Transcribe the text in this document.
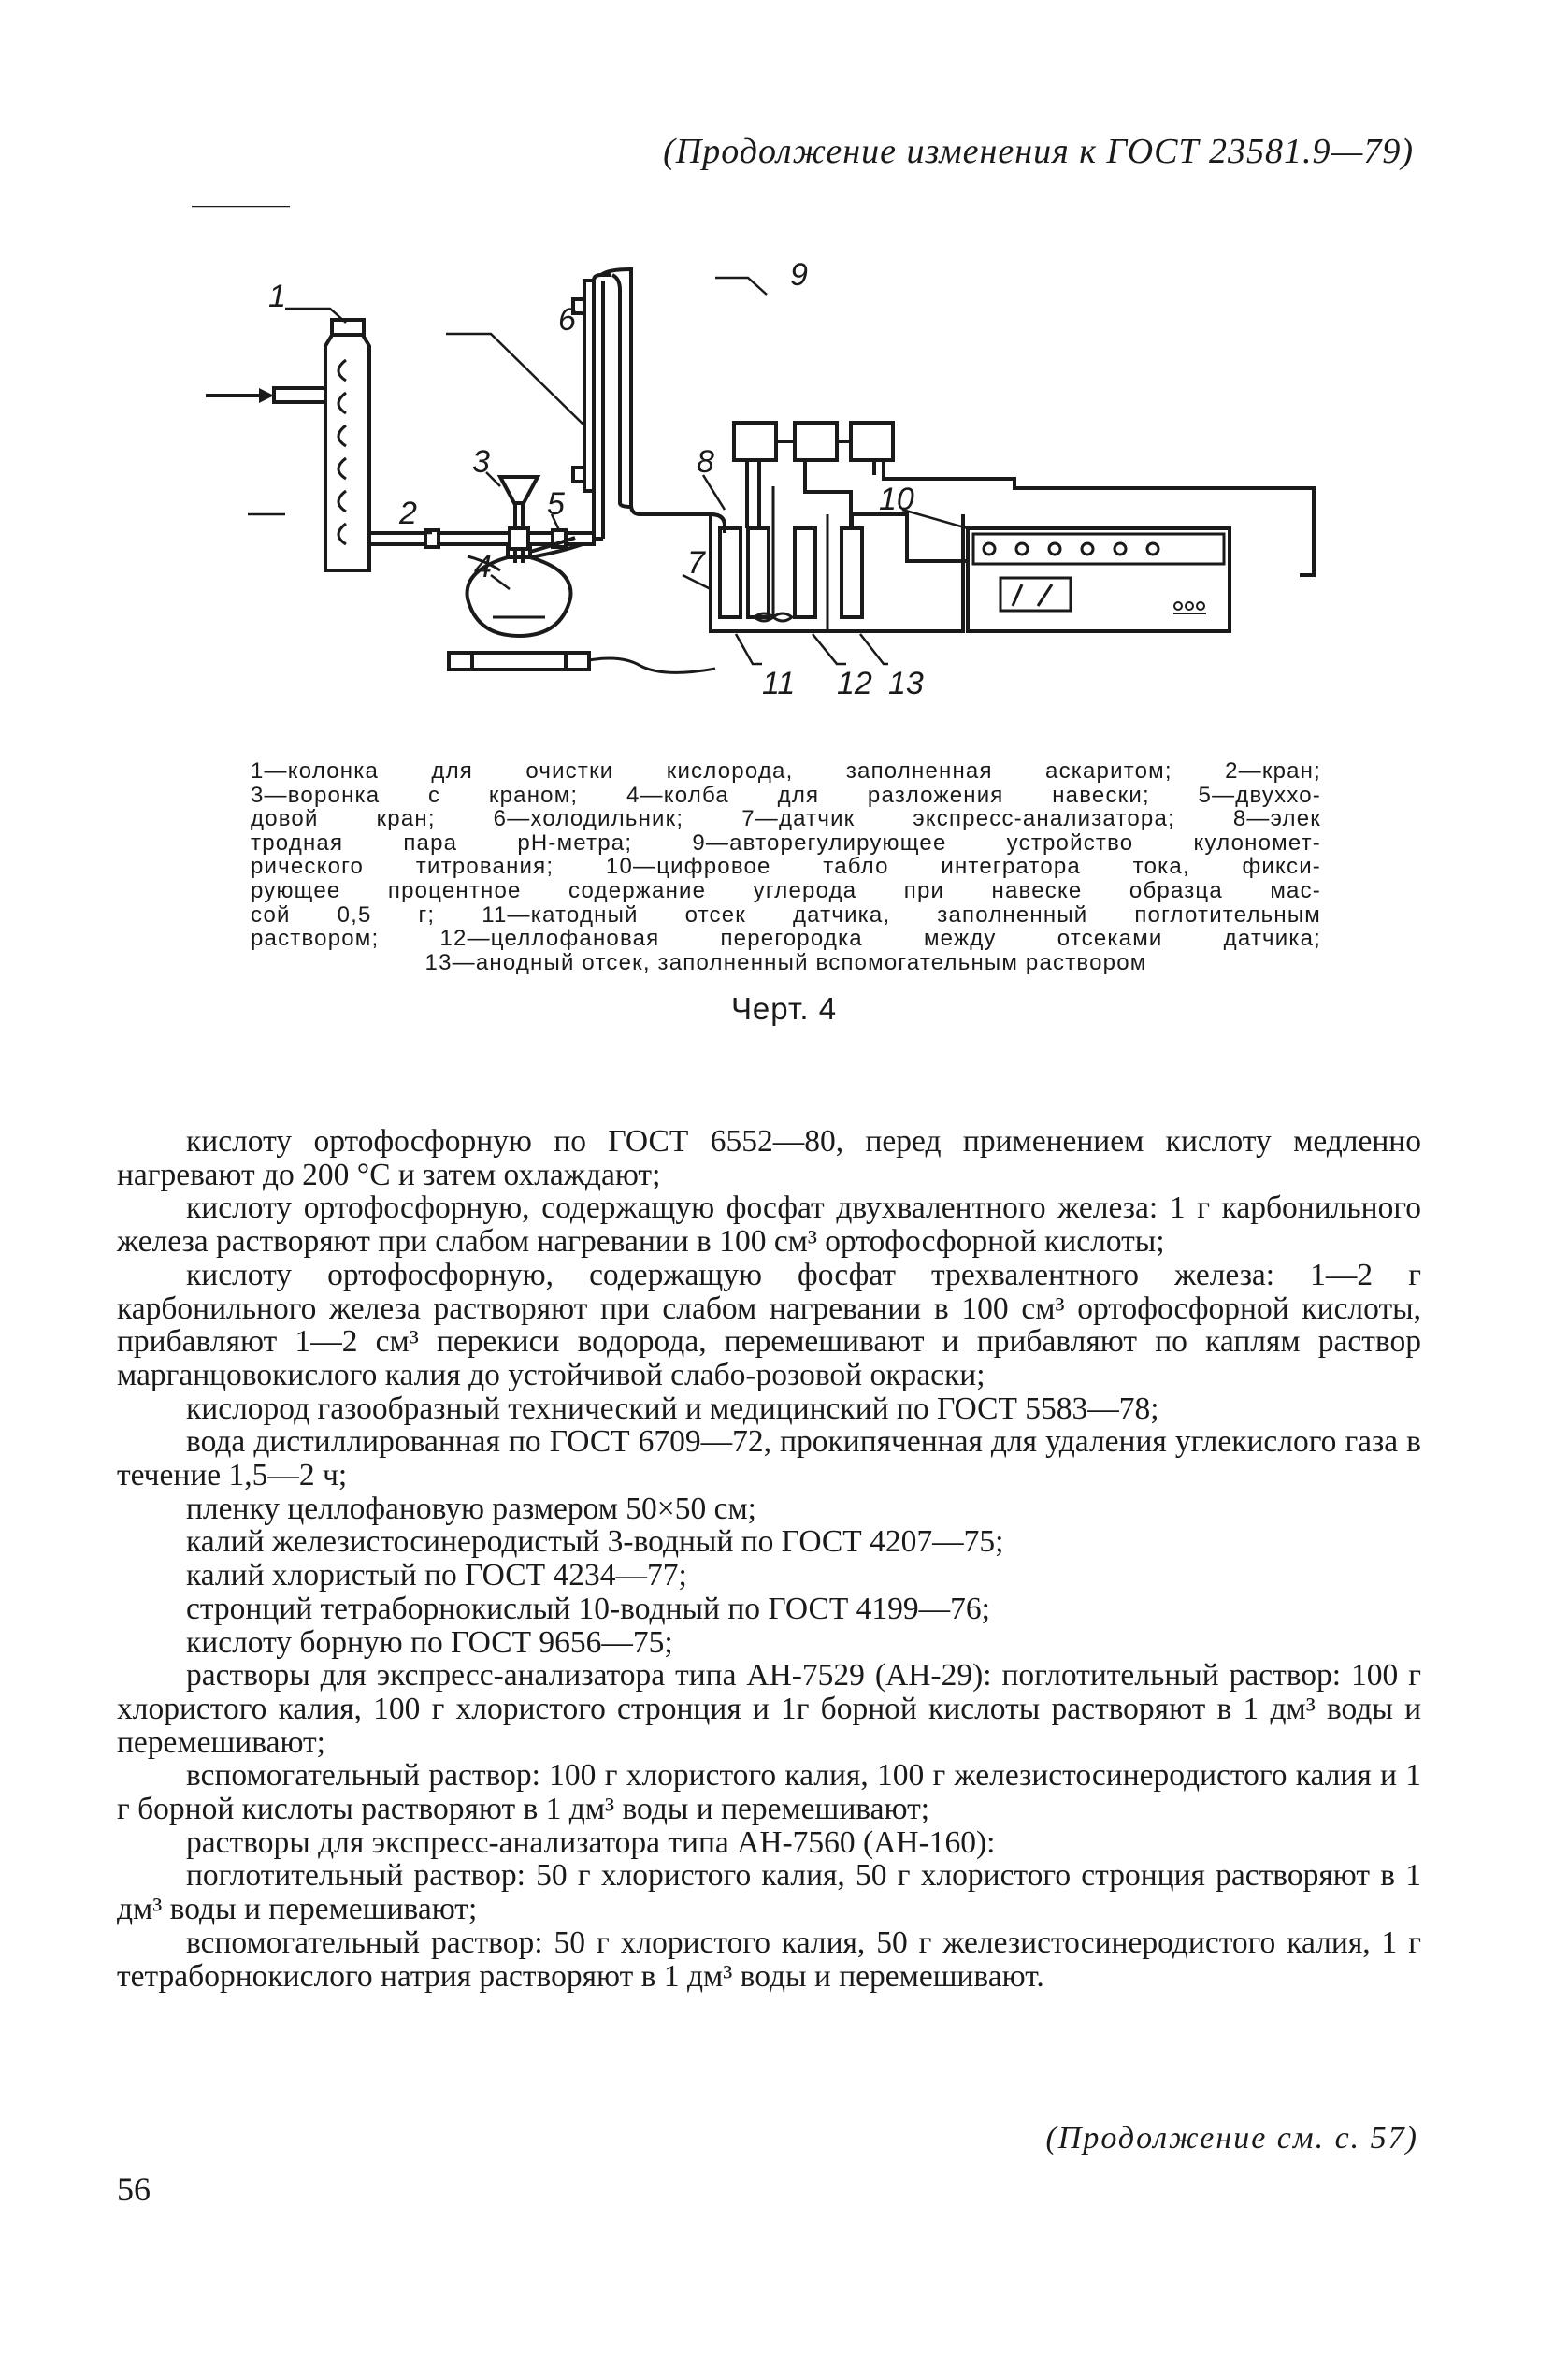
(Продолжение изменения к ГОСТ 23581.9—79)
1
2
3
4
5
6
7
8
9
10
11 12 13
1—колонка для очистки кислорода, заполненная аскаритом; 2—кран;
3—воронка с краном; 4—колба для разложения навески; 5—двуххо-
довой кран; 6—холодильник; 7—датчик экспресс-анализатора; 8—элек
тродная пара pH-метра; 9—авторегулирующее устройство кулономет-
рического титрования; 10—цифровое табло интегратора тока, фикси-
рующее процентное содержание углерода при навеске образца мас-
сой 0,5 г; 11—катодный отсек датчика, заполненный поглотительным
раствором; 12—целлофановая перегородка между отсеками датчика;
13—анодный отсек, заполненный вспомогательным раствором
Черт. 4
кислоту ортофосфорную по ГОСТ 6552—80, перед применением кислоту медленно нагревают до 200 °С и затем охлаждают;
кислоту ортофосфорную, содержащую фосфат двухвалентного железа: 1 г карбонильного железа растворяют при слабом нагревании в 100 см³ ортофосфорной кислоты;
кислоту ортофосфорную, содержащую фосфат трехвалентного железа: 1—2 г карбонильного железа растворяют при слабом нагревании в 100 см³ ортофосфорной кислоты, прибавляют 1—2 см³ перекиси водорода, перемешивают и прибавляют по каплям раствор марганцовокислого калия до устойчивой слабо-розовой окраски;
кислород газообразный технический и медицинский по ГОСТ 5583—78;
вода дистиллированная по ГОСТ 6709—72, прокипяченная для удаления углекислого газа в течение 1,5—2 ч;
пленку целлофановую размером 50×50 см;
калий железистосинеродистый 3-водный по ГОСТ 4207—75;
калий хлористый по ГОСТ 4234—77;
стронций тетраборнокислый 10-водный по ГОСТ 4199—76;
кислоту борную по ГОСТ 9656—75;
растворы для экспресс-анализатора типа АН-7529 (АН-29): поглотительный раствор: 100 г хлористого калия, 100 г хлористого стронция и 1г борной кислоты растворяют в 1 дм³ воды и перемешивают;
вспомогательный раствор: 100 г хлористого калия, 100 г железистосинеродистого калия и 1 г борной кислоты растворяют в 1 дм³ воды и перемешивают;
растворы для экспресс-анализатора типа АН-7560 (АН-160):
поглотительный раствор: 50 г хлористого калия, 50 г хлористого стронция растворяют в 1 дм³ воды и перемешивают;
вспомогательный раствор: 50 г хлористого калия, 50 г железистосинеродистого калия, 1 г тетраборнокислого натрия растворяют в 1 дм³ воды и перемешивают.
(Продолжение см. с. 57)
56
